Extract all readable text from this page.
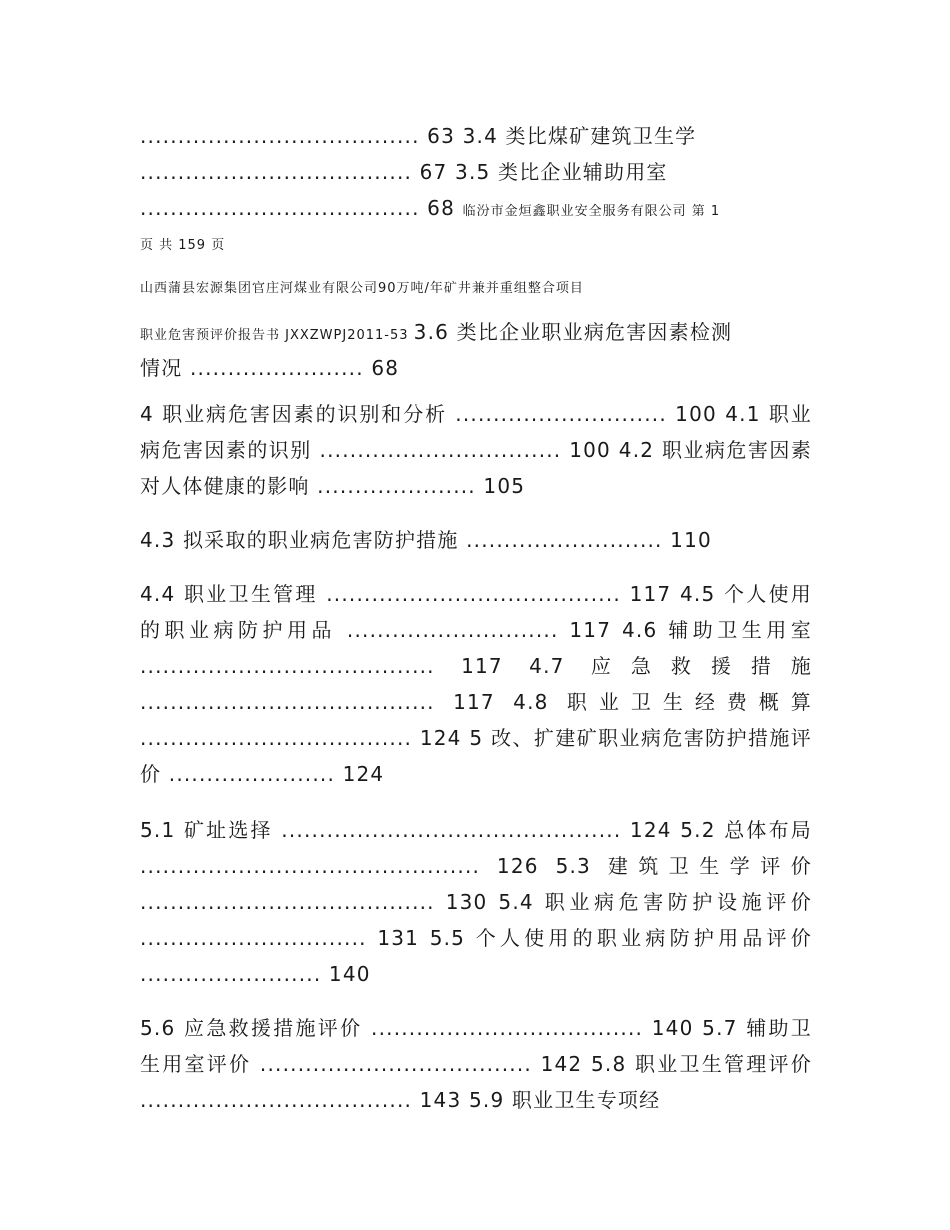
..................................... 63 3.4 类比煤矿建筑卫生学

.................................... 67 3.5 类比企业辅助用室

..................................... 68 临汾市金烜鑫职业安全服务有限公司 第 1

页 共 159 页

山西蒲县宏源集团官庄河煤业有限公司90万吨/年矿井兼并重组整合项目

职业危害预评价报告书 JXXZWPJ2011-53 3.6 类比企业职业病危害因素检测

情况 ....................... 68

4 职业病危害因素的识别和分析 ............................ 100 4.1 职业病危害因素的识别 ................................ 100 4.2 职业病危害因素对人体健康的影响 ..................... 105

4.3 拟采取的职业病危害防护措施 .......................... 110

4.4 职业卫生管理 ....................................... 117 4.5 个人使用的职业病防护用品 ............................ 117 4.6 辅助卫生用室 ....................................... 117 4.7 应急救援措施 ....................................... 117 4.8 职业卫生经费概算 .................................... 124 5 改、扩建矿职业病危害防护措施评价 ...................... 124

5.1 矿址选择 ............................................. 124 5.2 总体布局 ............................................. 126 5.3 建筑卫生学评价 ....................................... 130 5.4 职业病危害防护设施评价 .............................. 131 5.5 个人使用的职业病防护用品评价 ........................ 140

5.6 应急救援措施评价 .................................... 140 5.7 辅助卫生用室评价 .................................... 142 5.8 职业卫生管理评价 .................................... 143 5.9 职业卫生专项经
